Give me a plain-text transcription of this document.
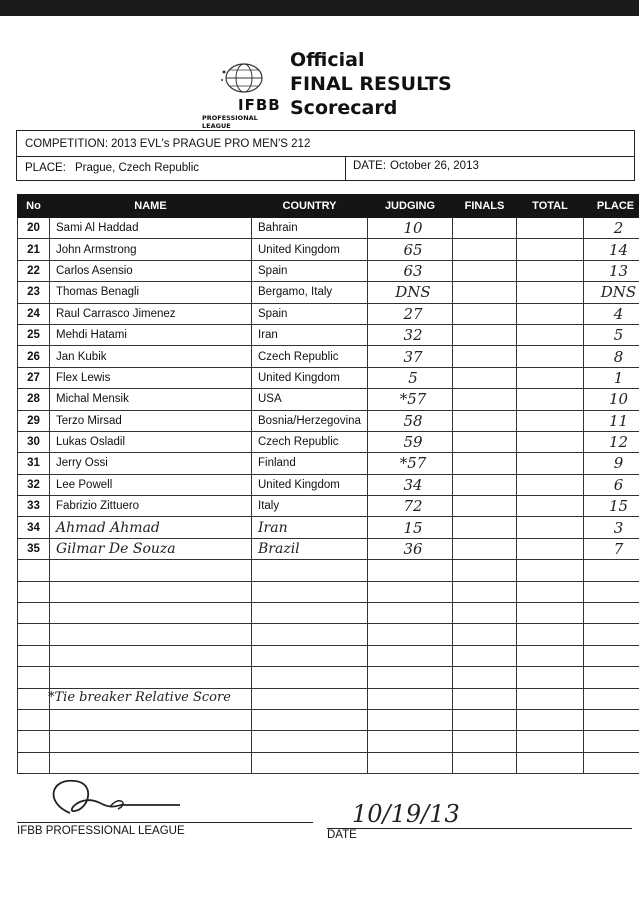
IFBB
PROFESSIONAL LEAGUE
Official
FINAL RESULTS
Scorecard
COMPETITION: 2013 EVL's PRAGUE PRO MEN'S 212
PLACE: Prague, Czech Republic	DATE: October 26, 2013
No	NAME	COUNTRY	JUDGING	FINALS	TOTAL	PLACE
20	Sami Al Haddad	Bahrain	10			2

21	John Armstrong	United Kingdom	65			14

22	Carlos Asensio	Spain	63			13

23	Thomas Benagli	Bergamo, Italy	DNS			DNS

24	Raul Carrasco Jimenez	Spain	27			4

25	Mehdi Hatami	Iran	32			5

26	Jan Kubik	Czech Republic	37			8

27	Flex Lewis	United Kingdom	5			1

28	Michal Mensik	USA	*57			10

29	Terzo Mirsad	Bosnia/Herzegovina	58			11

30	Lukas Osladil	Czech Republic	59			12

31	Jerry Ossi	Finland	*57			9

32	Lee Powell	United Kingdom	34			6

33	Fabrizio Zittuero	Italy	72			15

34	Ahmad Ahmad	Iran	15			3

35	Gilmar De Souza	Brazil	36			7

*Tie breaker Relative Score
IFBB PROFESSIONAL LEAGUE
10/19/13
DATE
